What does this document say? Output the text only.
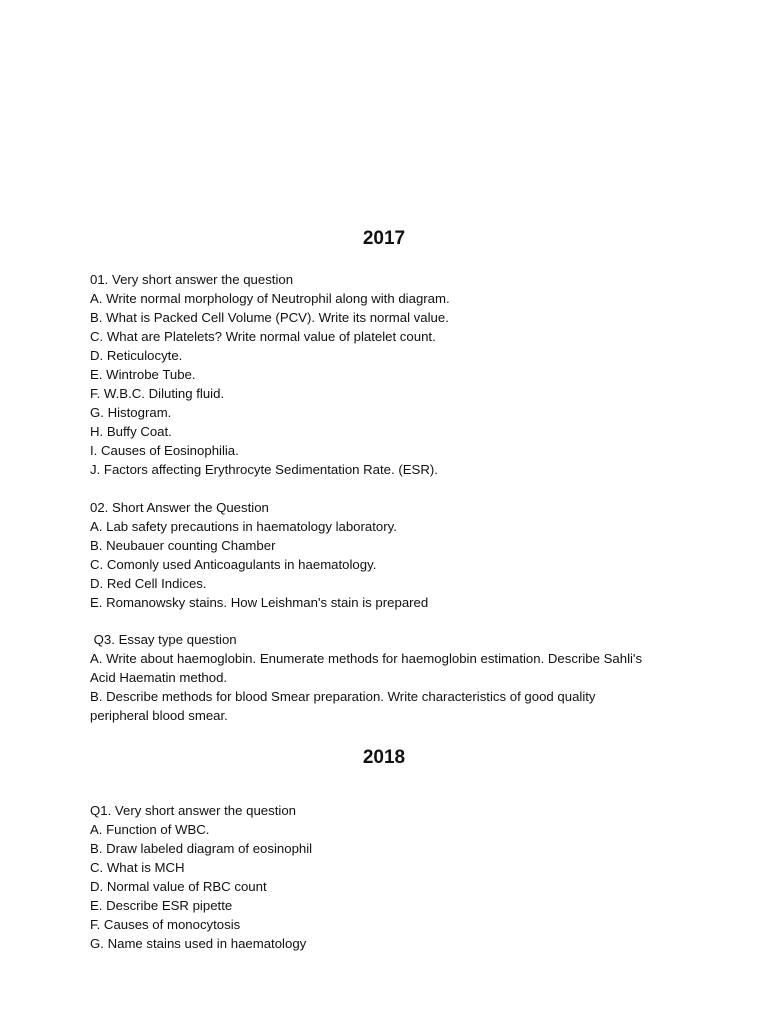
2017

01. Very short answer the question

A. Write normal morphology of Neutrophil along with diagram.

B. What is Packed Cell Volume (PCV). Write its normal value.

C. What are Platelets? Write normal value of platelet count.

D. Reticulocyte.

E. Wintrobe Tube.

F. W.B.C. Diluting fluid.

G. Histogram.

H. Buffy Coat.

I. Causes of Eosinophilia.

J. Factors affecting Erythrocyte Sedimentation Rate. (ESR).

02. Short Answer the Question

A. Lab safety precautions in haematology laboratory.

B. Neubauer counting Chamber

C. Comonly used Anticoagulants in haematology.

D. Red Cell Indices.

E. Romanowsky stains. How Leishman's stain is prepared

Q3. Essay type question

A. Write about haemoglobin. Enumerate methods for haemoglobin estimation. Describe Sahli's

Acid Haematin method.

B. Describe methods for blood Smear preparation. Write characteristics of good quality

peripheral blood smear.

2018

Q1. Very short answer the question

A. Function of WBC.

B. Draw labeled diagram of eosinophil

C. What is MCH

D. Normal value of RBC count

E. Describe ESR pipette

F. Causes of monocytosis

G. Name stains used in haematology
